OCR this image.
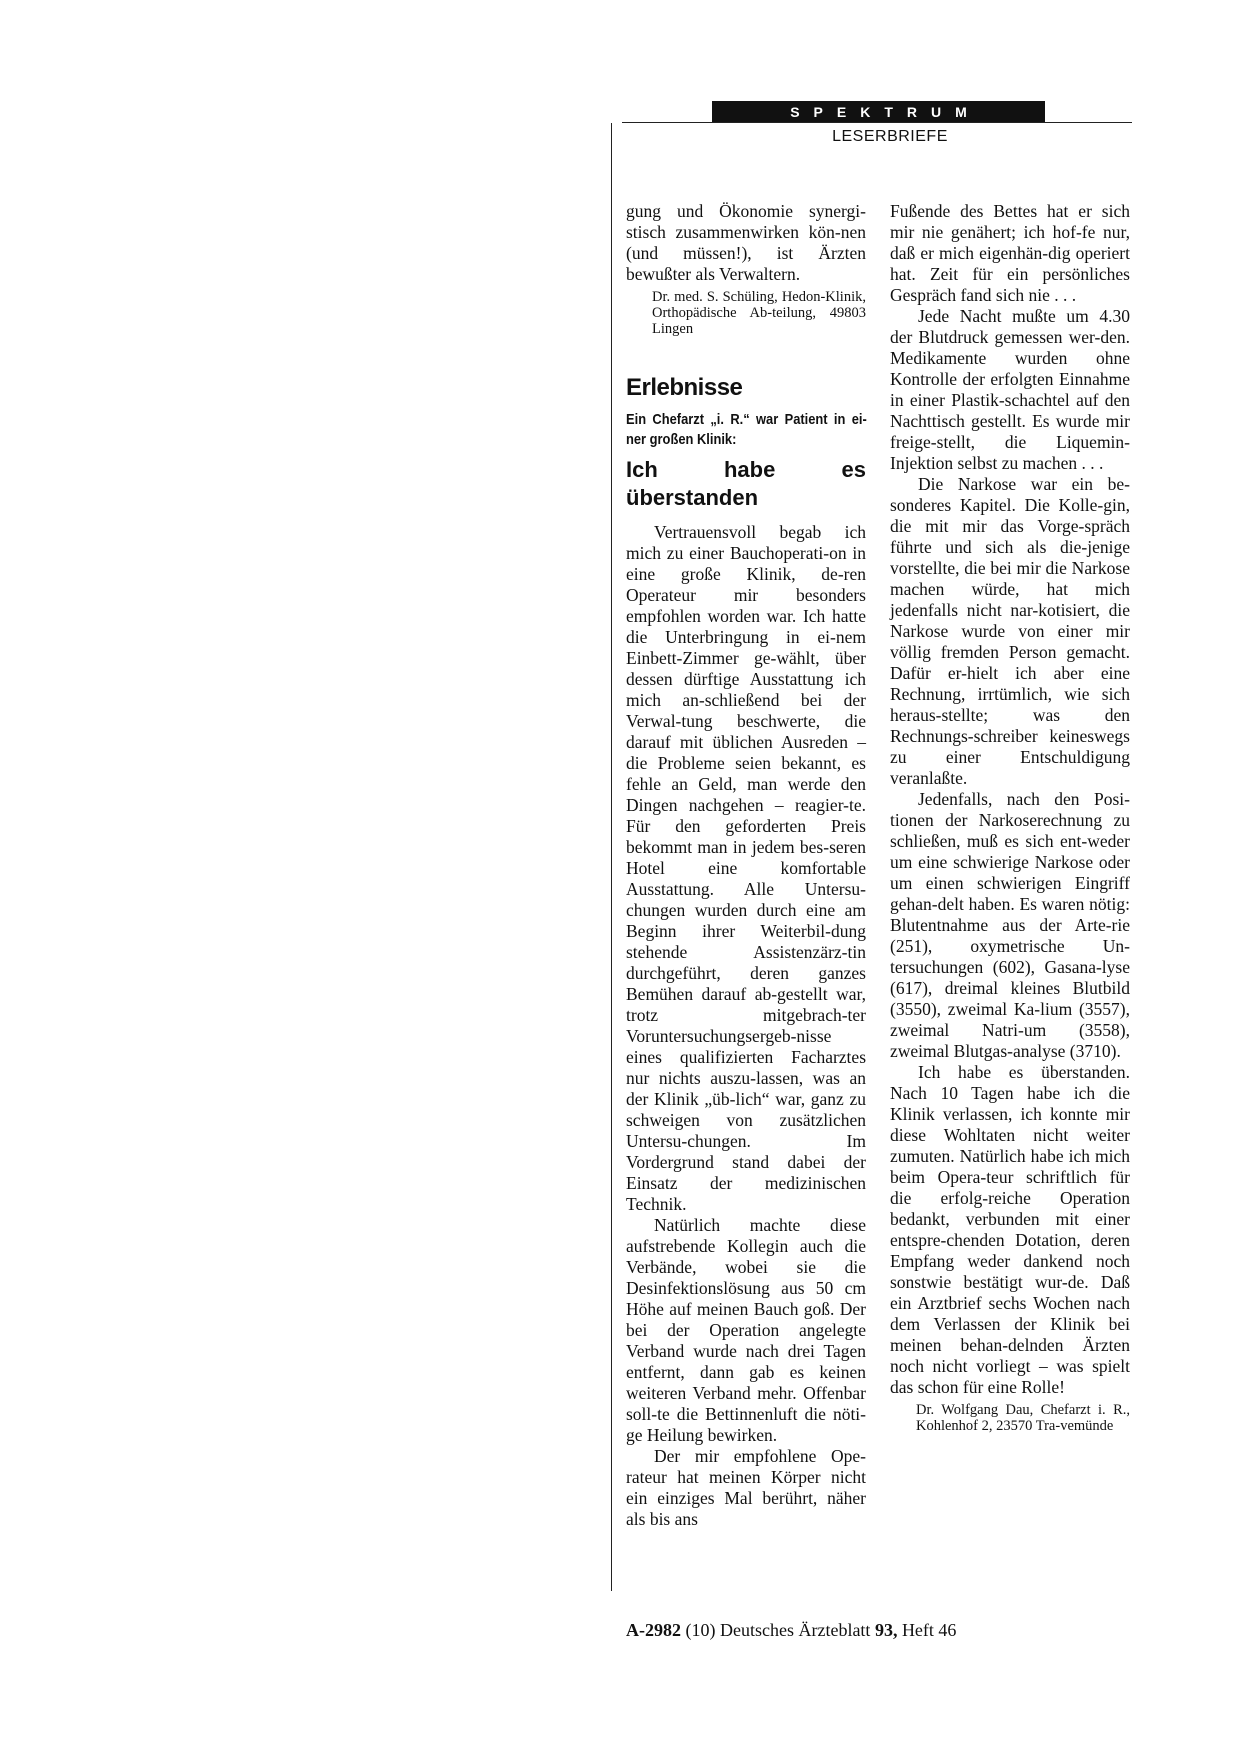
SPEKTRUM
LESERBRIEFE

gung und Ökonomie synergi-stisch zusammenwirken kön-nen (und müssen!), ist Ärzten bewußter als Verwaltern.

Dr. med. S. Schüling, Hedon-Klinik, Orthopädische Ab-teilung, 49803 Lingen

Erlebnisse
Ein Chefarzt „i. R.“ war Patient in ei-ner großen Klinik:
Ich habe es überstanden

Vertrauensvoll begab ich mich zu einer Bauchoperati-on in eine große Klinik, de-ren Operateur mir besonders empfohlen worden war. Ich hatte die Unterbringung in ei-nem Einbett-Zimmer ge-wählt, über dessen dürftige Ausstattung ich mich an-schließend bei der Verwal-tung beschwerte, die darauf mit üblichen Ausreden – die Probleme seien bekannt, es fehle an Geld, man werde den Dingen nachgehen – reagier-te. Für den geforderten Preis bekommt man in jedem bes-seren Hotel eine komfortable Ausstattung. Alle Untersu-chungen wurden durch eine am Beginn ihrer Weiterbil-dung stehende Assistenzärz-tin durchgeführt, deren ganzes Bemühen darauf ab-gestellt war, trotz mitgebrach-ter Voruntersuchungsergeb-nisse eines qualifizierten Facharztes nur nichts auszu-lassen, was an der Klinik „üb-lich“ war, ganz zu schweigen von zusätzlichen Untersu-chungen. Im Vordergrund stand dabei der Einsatz der medizinischen Technik.

Natürlich machte diese aufstrebende Kollegin auch die Verbände, wobei sie die Desinfektionslösung aus 50 cm Höhe auf meinen Bauch goß. Der bei der Operation angelegte Verband wurde nach drei Tagen entfernt, dann gab es keinen weiteren Verband mehr. Offenbar soll-te die Bettinnenluft die nöti-ge Heilung bewirken.

Der mir empfohlene Ope-rateur hat meinen Körper nicht ein einziges Mal berührt, näher als bis ans

Fußende des Bettes hat er sich mir nie genähert; ich hof-fe nur, daß er mich eigenhän-dig operiert hat. Zeit für ein persönliches Gespräch fand sich nie . . .

Jede Nacht mußte um 4.30 der Blutdruck gemessen wer-den. Medikamente wurden ohne Kontrolle der erfolgten Einnahme in einer Plastik-schachtel auf den Nachttisch gestellt. Es wurde mir freige-stellt, die Liquemin-Injektion selbst zu machen . . .

Die Narkose war ein be-sonderes Kapitel. Die Kolle-gin, die mit mir das Vorge-spräch führte und sich als die-jenige vorstellte, die bei mir die Narkose machen würde, hat mich jedenfalls nicht nar-kotisiert, die Narkose wurde von einer mir völlig fremden Person gemacht. Dafür er-hielt ich aber eine Rechnung, irrtümlich, wie sich heraus-stellte; was den Rechnungs-schreiber keineswegs zu einer Entschuldigung veranlaßte.

Jedenfalls, nach den Posi-tionen der Narkoserechnung zu schließen, muß es sich ent-weder um eine schwierige Narkose oder um einen schwierigen Eingriff gehan-delt haben. Es waren nötig: Blutentnahme aus der Arte-rie (251), oxymetrische Un-tersuchungen (602), Gasana-lyse (617), dreimal kleines Blutbild (3550), zweimal Ka-lium (3557), zweimal Natri-um (3558), zweimal Blutgas-analyse (3710).

Ich habe es überstanden. Nach 10 Tagen habe ich die Klinik verlassen, ich konnte mir diese Wohltaten nicht weiter zumuten. Natürlich habe ich mich beim Opera-teur schriftlich für die erfolg-reiche Operation bedankt, verbunden mit einer entspre-chenden Dotation, deren Empfang weder dankend noch sonstwie bestätigt wur-de. Daß ein Arztbrief sechs Wochen nach dem Verlassen der Klinik bei meinen behan-delnden Ärzten noch nicht vorliegt – was spielt das schon für eine Rolle!

Dr. Wolfgang Dau, Chefarzt i. R., Kohlenhof 2, 23570 Tra-vemünde

A-2982 (10) Deutsches Ärzteblatt 93, Heft 46
